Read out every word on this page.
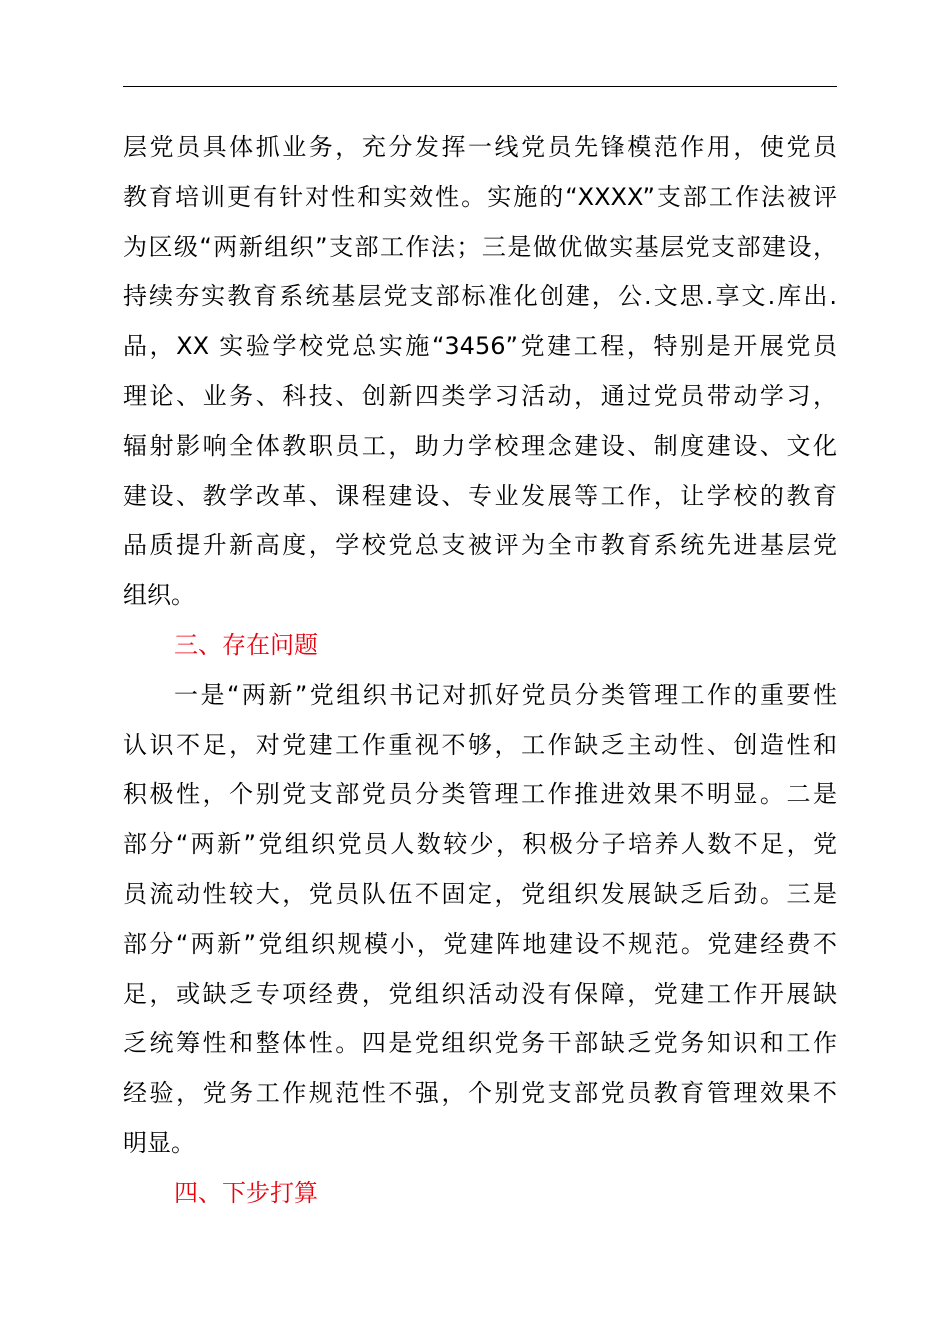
层党员具体抓业务，充分发挥一线党员先锋模范作用，使党员
教育培训更有针对性和实效性。实施的“XXXX”支部工作法被评
为区级“两新组织”支部工作法；三是做优做实基层党支部建设，
持续夯实教育系统基层党支部标准化创建，公.文思.享文.库出.
品，XX 实验学校党总实施“3456”党建工程，特别是开展党员
理论、业务、科技、创新四类学习活动，通过党员带动学习，
辐射影响全体教职员工，助力学校理念建设、制度建设、文化
建设、教学改革、课程建设、专业发展等工作，让学校的教育
品质提升新高度，学校党总支被评为全市教育系统先进基层党
组织。
三、存在问题
一是“两新”党组织书记对抓好党员分类管理工作的重要性
认识不足，对党建工作重视不够，工作缺乏主动性、创造性和
积极性，个别党支部党员分类管理工作推进效果不明显。二是
部分“两新”党组织党员人数较少，积极分子培养人数不足，党
员流动性较大，党员队伍不固定，党组织发展缺乏后劲。三是
部分“两新”党组织规模小，党建阵地建设不规范。党建经费不
足，或缺乏专项经费，党组织活动没有保障，党建工作开展缺
乏统筹性和整体性。四是党组织党务干部缺乏党务知识和工作
经验，党务工作规范性不强，个别党支部党员教育管理效果不
明显。
四、下步打算
